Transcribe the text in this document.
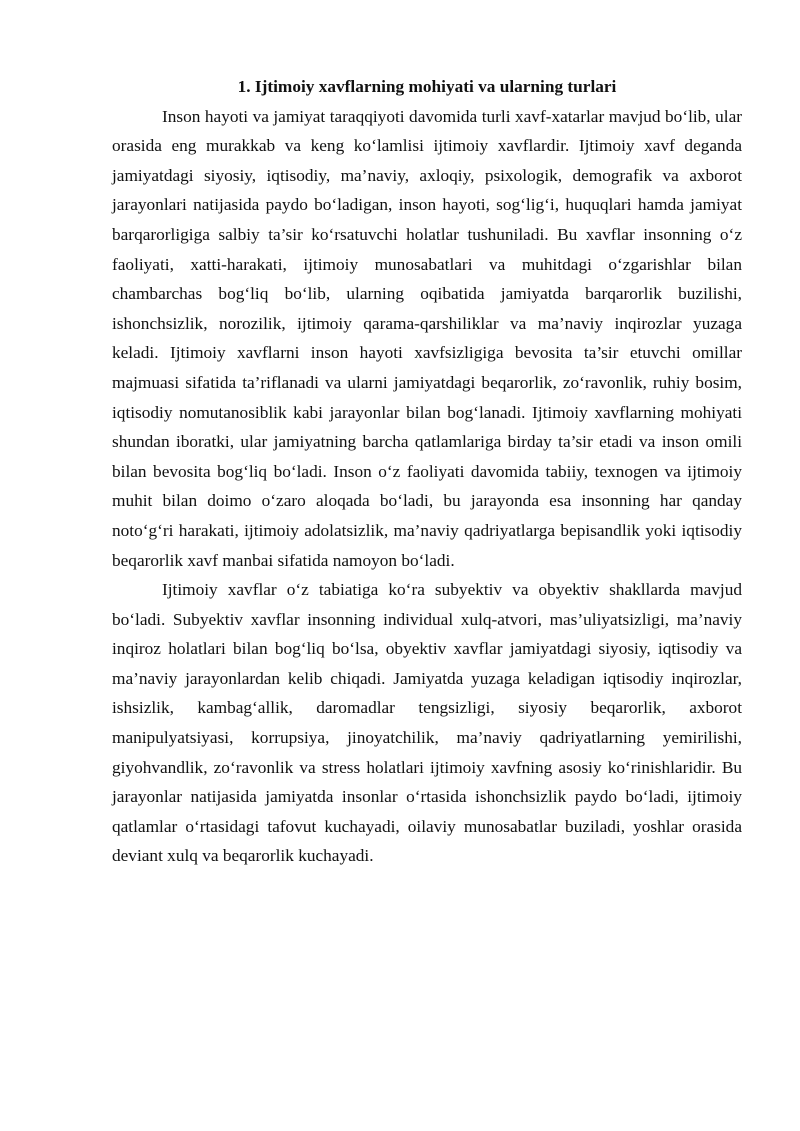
1. Ijtimoiy xavflarning mohiyati va ularning turlari

Inson hayoti va jamiyat taraqqiyoti davomida turli xavf-xatarlar mavjud bo‘lib, ular orasida eng murakkab va keng ko‘lamlisi ijtimoiy xavflardir. Ijtimoiy xavf deganda jamiyatdagi siyosiy, iqtisodiy, ma’naviy, axloqiy, psixologik, demografik va axborot jarayonlari natijasida paydo bo‘ladigan, inson hayoti, sog‘lig‘i, huquqlari hamda jamiyat barqarorligiga salbiy ta’sir ko‘rsatuvchi holatlar tushuniladi. Bu xavflar insonning o‘z faoliyati, xatti-harakati, ijtimoiy munosabatlari va muhitdagi o‘zgarishlar bilan chambarchas bog‘liq bo‘lib, ularning oqibatida jamiyatda barqarorlik buzilishi, ishonchsizlik, norozilik, ijtimoiy qarama-qarshiliklar va ma’naviy inqirozlar yuzaga keladi. Ijtimoiy xavflarni inson hayoti xavfsizligiga bevosita ta’sir etuvchi omillar majmuasi sifatida ta’riflanadi va ularni jamiyatdagi beqarorlik, zo‘ravonlik, ruhiy bosim, iqtisodiy nomutanosiblik kabi jarayonlar bilan bog‘lanadi. Ijtimoiy xavflarning mohiyati shundan iboratki, ular jamiyatning barcha qatlamlariga birday ta’sir etadi va inson omili bilan bevosita bog‘liq bo‘ladi. Inson o‘z faoliyati davomida tabiiy, texnogen va ijtimoiy muhit bilan doimo o‘zaro aloqada bo‘ladi, bu jarayonda esa insonning har qanday noto‘g‘ri harakati, ijtimoiy adolatsizlik, ma’naviy qadriyatlarga bepisandlik yoki iqtisodiy beqarorlik xavf manbai sifatida namoyon bo‘ladi.

Ijtimoiy xavflar o‘z tabiatiga ko‘ra subyektiv va obyektiv shakllarda mavjud bo‘ladi. Subyektiv xavflar insonning individual xulq-atvori, mas’uliyatsizligi, ma’naviy inqiroz holatlari bilan bog‘liq bo‘lsa, obyektiv xavflar jamiyatdagi siyosiy, iqtisodiy va ma’naviy jarayonlardan kelib chiqadi. Jamiyatda yuzaga keladigan iqtisodiy inqirozlar, ishsizlik, kambag‘allik, daromadlar tengsizligi, siyosiy beqarorlik, axborot manipulyatsiyasi, korrupsiya, jinoyatchilik, ma’naviy qadriyatlarning yemirilishi, giyohvandlik, zo‘ravonlik va stress holatlari ijtimoiy xavfning asosiy ko‘rinishlaridir. Bu jarayonlar natijasida jamiyatda insonlar o‘rtasida ishonchsizlik paydo bo‘ladi, ijtimoiy qatlamlar o‘rtasidagi tafovut kuchayadi, oilaviy munosabatlar buziladi, yoshlar orasida deviant xulq va beqarorlik kuchayadi.
